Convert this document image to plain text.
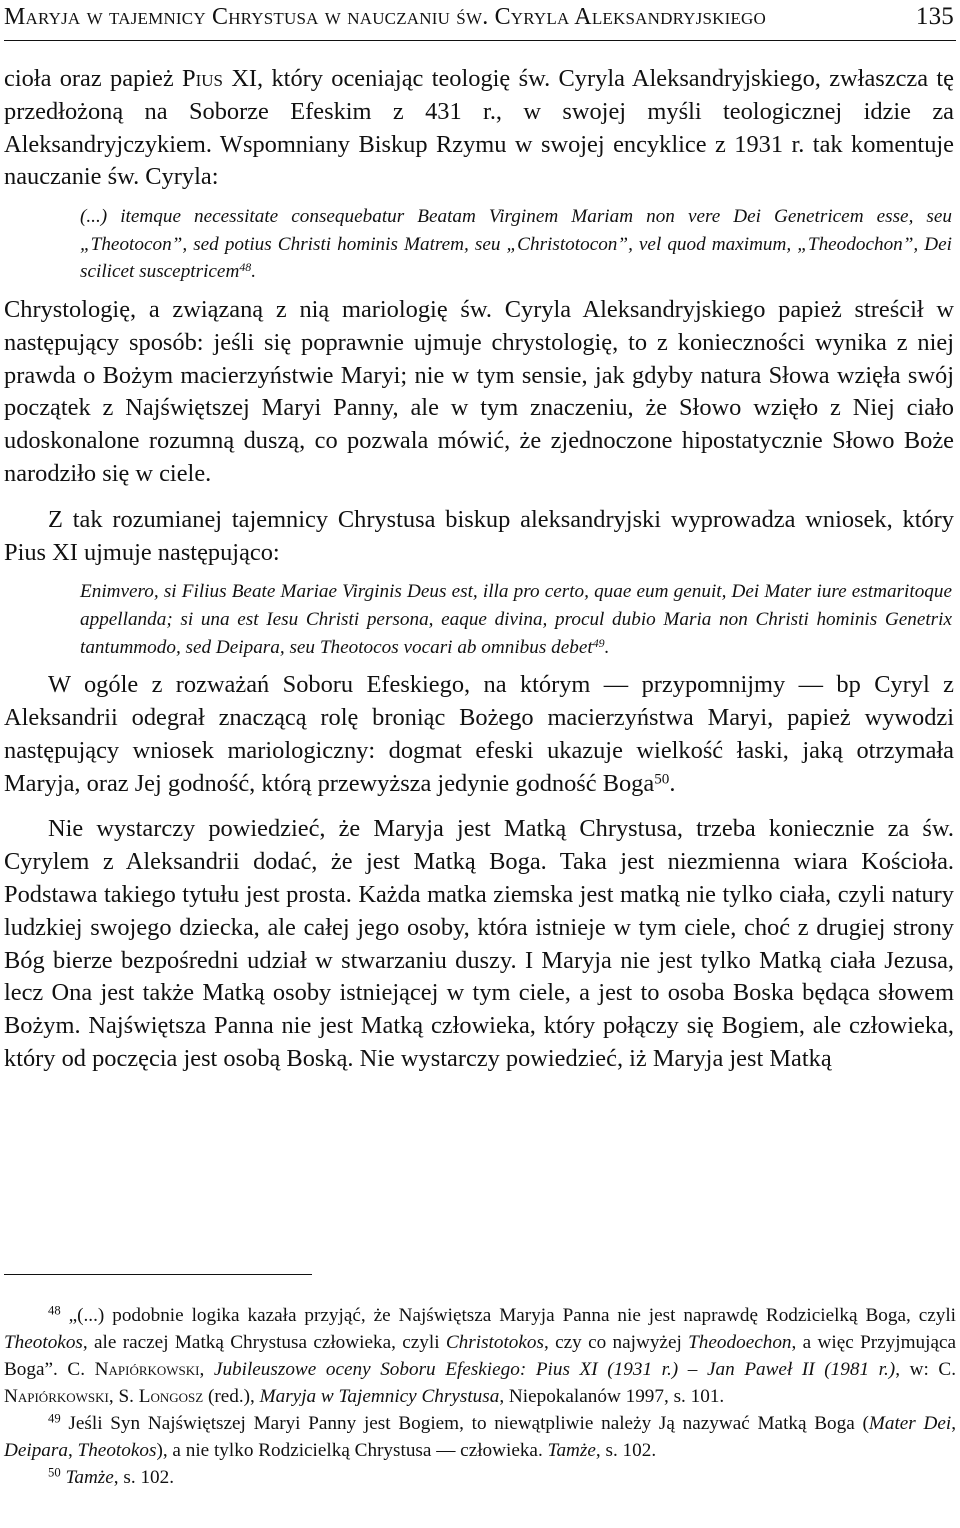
Maryja w tajemnicy Chrystusa w nauczaniu św. Cyryla Aleksandryjskiego	135

cioła oraz papież Pius XI, który oceniając teologię św. Cyryla Aleksandryjskiego, zwłaszcza tę przedłożoną na Soborze Efeskim z 431 r., w swojej myśli teologicznej idzie za Aleksandryjczykiem. Wspomniany Biskup Rzymu w swojej encyklice z 1931 r. tak komentuje nauczanie św. Cyryla:

(...) itemque necessitate consequebatur Beatam Virginem Mariam non vere Dei Genetricem esse, seu „Theotocon”, sed potius Christi hominis Matrem, seu „Christotocon”, vel quod maximum, „Theodochon”, Dei scilicet susceptricem$^{48}$.

Chrystologię, a związaną z nią mariologię św. Cyryla Aleksandryjskiego papież streścił w następujący sposób: jeśli się poprawnie ujmuje chrystologię, to z konieczności wynika z niej prawda o Bożym macierzyństwie Maryi; nie w tym sensie, jak gdyby natura Słowa wzięła swój początek z Najświętszej Maryi Panny, ale w tym znaczeniu, że Słowo wzięło z Niej ciało udoskonalone rozumną duszą, co pozwala mówić, że zjednoczone hipostatycznie Słowo Boże narodziło się w ciele.

Z tak rozumianej tajemnicy Chrystusa biskup aleksandryjski wyprowadza wniosek, który Pius XI ujmuje następująco:

Enimvero, si Filius Beate Mariae Virginis Deus est, illa pro certo, quae eum genuit, Dei Mater iure estmaritoque appellanda; si una est Iesu Christi persona, eaque divina, procul dubio Maria non Christi hominis Genetrix tantummodo, sed Deipara, seu Theotocos vocari ab omnibus debet$^{49}$.

W ogóle z rozważań Soboru Efeskiego, na którym — przypomnijmy — bp Cyryl z Aleksandrii odegrał znaczącą rolę broniąc Bożego macierzyństwa Maryi, papież wywodzi następujący wniosek mariologiczny: dogmat efeski ukazuje wielkość łaski, jaką otrzymała Maryja, oraz Jej godność, którą przewyższa jedynie godność Boga$^{50}$.

Nie wystarczy powiedzieć, że Maryja jest Matką Chrystusa, trzeba koniecznie za św. Cyrylem z Aleksandrii dodać, że jest Matką Boga. Taka jest niezmienna wiara Kościoła. Podstawa takiego tytułu jest prosta. Każda matka ziemska jest matką nie tylko ciała, czyli natury ludzkiej swojego dziecka, ale całej jego osoby, która istnieje w tym ciele, choć z drugiej strony Bóg bierze bezpośredni udział w stwarzaniu duszy. I Maryja nie jest tylko Matką ciała Jezusa, lecz Ona jest także Matką osoby istniejącej w tym ciele, a jest to osoba Boska będąca słowem Bożym. Najświętsza Panna nie jest Matką człowieka, który połączy się Bogiem, ale człowieka, który od poczęcia jest osobą Boską. Nie wystarczy powiedzieć, iż Maryja jest Matką

$^{48}$ „(...) podobnie logika kazała przyjąć, że Najświętsza Maryja Panna nie jest naprawdę Rodzicielką Boga, czyli Theotokos, ale raczej Matką Chrystusa człowieka, czyli Christotokos, czy co najwyżej Theodoechon, a więc Przyjmująca Boga”. C. Napiórkowski, Jubileuszowe oceny Soboru Efeskiego: Pius XI (1931 r.) – Jan Paweł II (1981 r.), w: C. Napiórkowski, S. Longosz (red.), Maryja w Tajemnicy Chrystusa, Niepokalanów 1997, s. 101.

$^{49}$ Jeśli Syn Najświętszej Maryi Panny jest Bogiem, to niewątpliwie należy Ją nazywać Matką Boga (Mater Dei, Deipara, Theotokos), a nie tylko Rodzicielką Chrystusa — człowieka. Tamże, s. 102.

$^{50}$ Tamże, s. 102.
